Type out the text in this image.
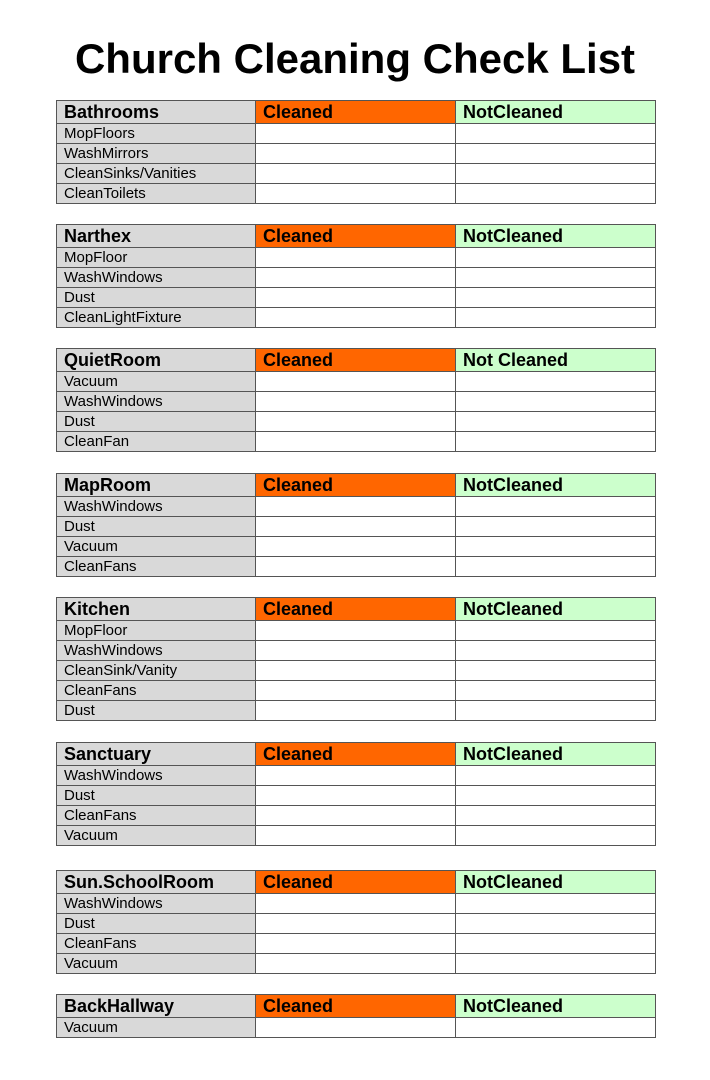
Church Cleaning Check List
Bathrooms	Cleaned	NotCleaned
MopFloors		
WashMirrors		
CleanSinks/Vanities		
CleanToilets		
Narthex	Cleaned	NotCleaned
MopFloor		
WashWindows		
Dust		
CleanLightFixture		
QuietRoom	Cleaned	Not Cleaned
Vacuum		
WashWindows		
Dust		
CleanFan		
MapRoom	Cleaned	NotCleaned
WashWindows		
Dust		
Vacuum		
CleanFans		
Kitchen	Cleaned	NotCleaned
MopFloor		
WashWindows		
CleanSink/Vanity		
CleanFans		
Dust		
Sanctuary	Cleaned	NotCleaned
WashWindows		
Dust		
CleanFans		
Vacuum		
Sun.SchoolRoom	Cleaned	NotCleaned
WashWindows		
Dust		
CleanFans		
Vacuum		
BackHallway	Cleaned	NotCleaned
Vacuum		
